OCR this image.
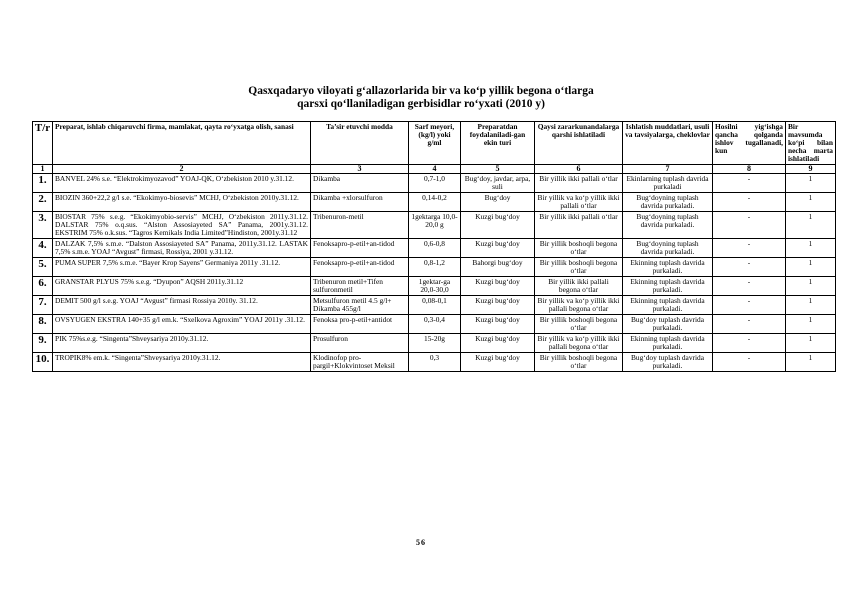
Qasxqadaryo viloyati g‘allazorlarida bir va ko‘p yillik begona o‘tlarga
qarsxi qo‘llaniladigan gerbisidlar ro‘yxati (2010 y)
T/r	Preparat, ishlab chiqaruvchi firma, mamlakat, qayta ro‘yxatga olish, sanasi	Ta’sir etuvchi modda	Sarf meyori, (kg/l) yoki g/ml	Preparatdan foydalaniladi-gan ekin turi	Qaysi zararkunandalarga qarshi ishlatiladi	Ishlatish muddatlari, usuli va tavsiyalarga, cheklovlar	Hosilni yig‘ishga qancha qolganda ishlov tugallanadi, kun	Bir mavsumda ko‘pi bilan necha marta ishlatiladi
1	2	3	4	5	6	7	8	9
1.	BANVEL 24% s.e. “Elektrokimyozavod” YOAJ-QK, O‘zbekiston 2010 y.31.12.	Dikamba	0,7-1,0	Bug‘doy, javdar, arpa, suli	Bir yillik ikki pallali o‘tlar	Ekinlarning tuplash davrida purkaladi	-	1
2.	BIOZIN 360+22,2 g/l s.e. “Ekokimyo-biosevis” MCHJ, O‘zbekiston 2010y.31.12.	Dikamba +xlorsulfuron	0,14-0,2	Bug‘doy	Bir yillik va ko‘p yillik ikki pallali o‘tlar	Bug‘doyning tuplash davrida purkaladi.	-	1
3.	BIOSTAR 75% s.e.g. “Ekokimyobio-servis” MCHJ, O‘zbekiston 2011y.31.12. DALSTAR 75% o.q.sus. “Alston Assosiayeted SA” Panama, 2001y.31.12. EKSTRIM 75% o.k.sus. “Tagros Kemikals India Limited”Hindiston, 2001y.31.12	Tribenuron-metil	1gektarga 10,0-20,0 g	Kuzgi bug‘doy	Bir yillik ikki pallali o‘tlar	Bug‘doyning tuplash davrida purkaladi.	-	1
4.	DALZAK 7,5% s.m.e. “Dalston Assosiayeted SA” Panama, 2011y.31.12. LASTAK 7,5% s.m.e. YOAJ “Avgust” firmasi, Rossiya, 2001 y.31.12.	Fenoksapro-p-etil+an-tidod	0,6-0,8	Kuzgi bug‘doy	Bir yillik boshoqli begona o‘tlar	Bug‘doyning tuplash davrida purkaladi.	-	1
5.	PUMA SUPER 7,5% s.m.e. “Bayer Krop Sayens” Germaniya 2011y .31.12.	Fenoksapro-p-etil+an-tidod	0,8-1,2	Bahorgi bug‘doy	Bir yillik boshoqli begona o‘tlar	Ekinning tuplash davrida purkaladi.	-	1
6.	GRANSTAR PLYUS 75% s.e.g. “Dyupon” AQSH 2011y.31.12	Tribenuron metil+Tifen sulfuronmetil	1gektar-ga 20,0-30,0	Kuzgi bug‘doy	Bir yillik ikki pallali begona o‘tlar	Ekinning tuplash davrida purkaladi.	-	1
7.	DEMIT 500 g/l s.e.g. YOAJ “Avgust” firmasi Rossiya 2010y. 31.12.	Metsulfuron metil 4.5 g/l+ Dikamba 455g/l	0,08-0,1	Kuzgi bug‘doy	Bir yillik va ko‘p yillik ikki pallali begona o‘tlar	Ekinning tuplash davrida purkaladi.	-	1
8.	OVSYUGEN EKSTRA 140+35 g/l em.k. “Sxelkova Agroxim” YOAJ 2011y .31.12.	Fenoksa pro-p-etil+antidot	0,3-0,4	Kuzgi bug‘doy	Bir yillik boshoqli begona o‘tlar	Bug‘doy tuplash davrida purkaladi.	-	1
9.	PIK 75%s.e.g. “Singenta”Shveysariya 2010y.31.12.	Prosulfuron	15-20g	Kuzgi bug‘doy	Bir yillik va ko‘p yillik ikki pallali begona o‘tlar	Ekinning tuplash davrida purkaladi.	-	1
10.	TROPIK8% em.k. “Singenta”Shveysariya 2010y.31.12.	Klodinofop pro-pargil+Klokvintoset Meksil	0,3	Kuzgi bug‘doy	Bir yillik boshoqli begona o‘tlar	Bug‘doy tuplash davrida purkaladi.	-	1
56
